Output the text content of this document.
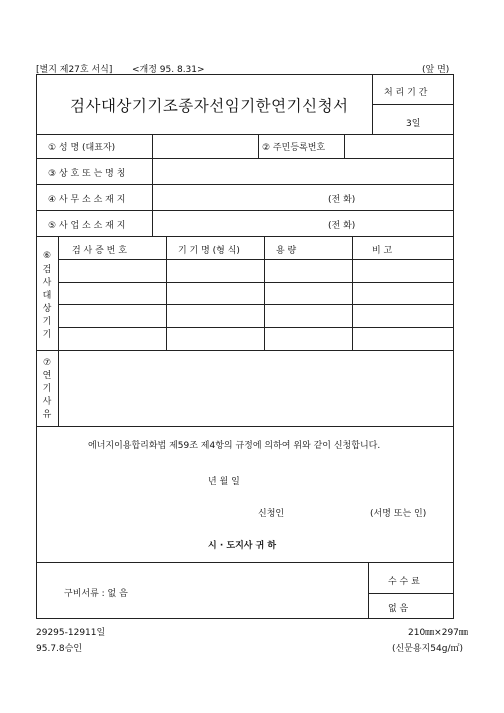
[별지 제27호 서식] <개정 95. 8.31>	(앞 면)
검사대상기기조종자선임기한연기신청서
처 리 기 간
3일
① 성 명 (대표자)	② 주민등록번호
③ 상 호 또 는 명 칭
④ 사 무 소 소 재 지	(전 화)
⑤ 사 업 소 소 재 지	(전 화)
검 사 증 번 호	기 기 명 (형 식)	용 량	비 고
⑥
검사대상기기
⑦
연기사유
에너지이용합리화법 제59조 제4항의 규정에 의하여 위와 같이 신청합니다.
년 월 일
신청인	(서명 또는 인)
시 · 도지사 귀 하
구비서류 : 없 음
수 수 료
없 음
29295-12911일
95.7.8승인
210㎜×297㎜
(신문용지54g/㎡)
